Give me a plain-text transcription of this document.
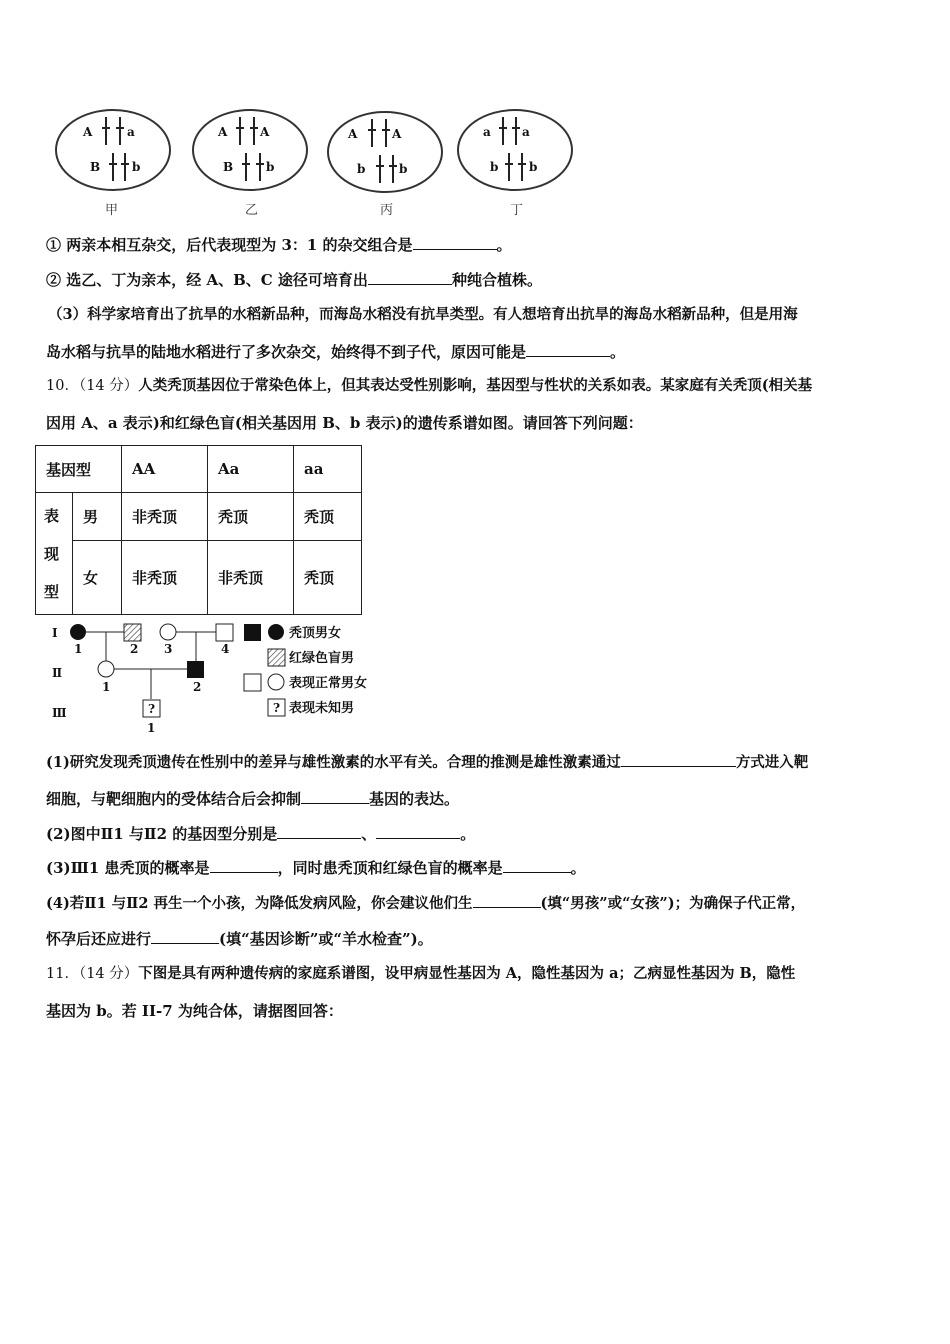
A	a
B	b
A	A
B	b
A	A
b	b
a	a
b	b
甲	乙	丙	丁
① 两亲本相互杂交，后代表现型为 3：1 的杂交组合是	。
② 选乙、丁为亲本，经 A、B、C 途径可培育出	种纯合植株。
（3）科学家培育出了抗旱的水稻新品种，而海岛水稻没有抗旱类型。有人想培育出抗旱的海岛水稻新品种，但是用海
岛水稻与抗旱的陆地水稻进行了多次杂交，始终得不到子代，原因可能是	。
10．（14 分）人类秃顶基因位于常染色体上，但其表达受性别影响，基因型与性状的关系如表。某家庭有关秃顶(相关基
因用 A、a 表示)和红绿色盲(相关基因用 B、b 表示)的遗传系谱如图。请回答下列问题：
基因型		AA	Aa	aa

表现型	男	非秃顶	秃顶	秃顶
	女	非秃顶	非秃顶	秃顶
Ⅰ
Ⅱ
Ⅲ
1	2 3	4
1	2
?
1
秃顶男女
红绿色盲男
表现正常男女
? 表现未知男
(1)研究发现秃顶遗传在性别中的差异与雄性激素的水平有关。合理的推测是雄性激素通过	方式进入靶
细胞，与靶细胞内的受体结合后会抑制	基因的表达。
(2)图中Ⅱ1 与Ⅱ2 的基因型分别是	、	。
(3)Ⅲ1 患秃顶的概率是	，同时患秃顶和红绿色盲的概率是	。
(4)若Ⅱ1 与Ⅱ2 再生一个小孩，为降低发病风险，你会建议他们生	(填“男孩”或“女孩”)；为确保子代正常，
怀孕后还应进行	(填“基因诊断”或“羊水检查”)。
11．（14 分）下图是具有两种遗传病的家庭系谱图，设甲病显性基因为 A，隐性基因为 a；乙病显性基因为 B，隐性
基因为 b。若 II-7 为纯合体，请据图回答：
